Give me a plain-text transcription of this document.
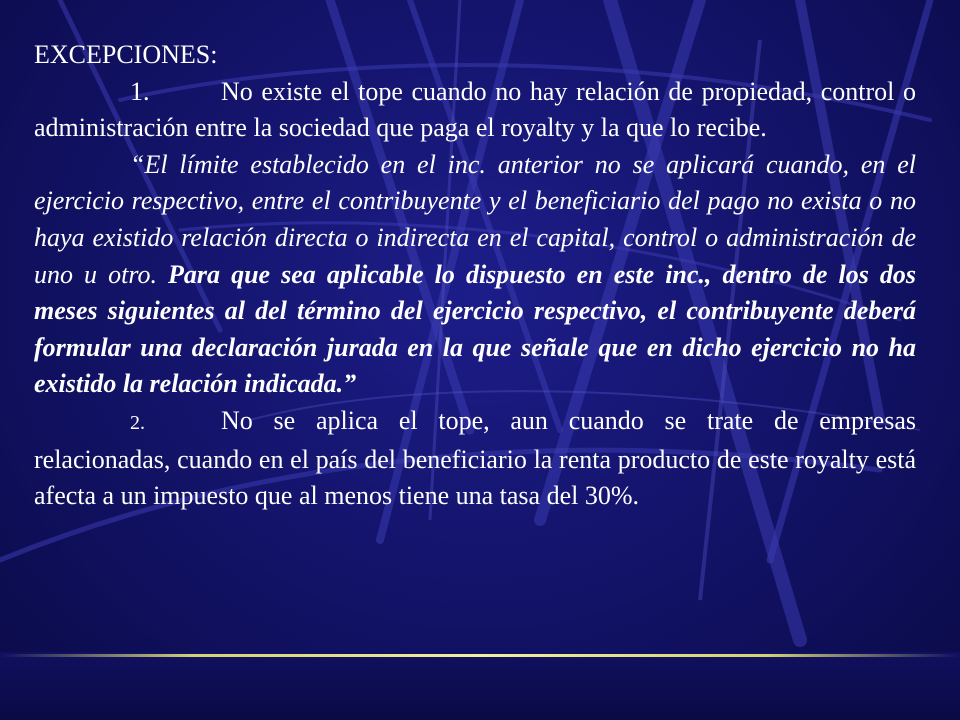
EXCEPCIONES:

1.	No existe el tope cuando no hay relación de propiedad, control o administración entre la sociedad que paga el royalty y la que lo recibe.

“El límite establecido en el inc. anterior no se aplicará cuando, en el ejercicio respectivo, entre el contribuyente y el beneficiario del pago no exista o no haya existido relación directa o indirecta en el capital, control o administración de uno u otro. Para que sea aplicable lo dispuesto en este inc., dentro de los dos meses siguientes al del término del ejercicio respectivo, el contribuyente deberá formular una declaración jurada en la que señale que en dicho ejercicio no ha existido la relación indicada.”

2.	No se aplica el tope, aun cuando se trate de empresas relacionadas, cuando en el país del beneficiario la renta producto de este royalty está afecta a un impuesto que al menos tiene una tasa del 30%.
